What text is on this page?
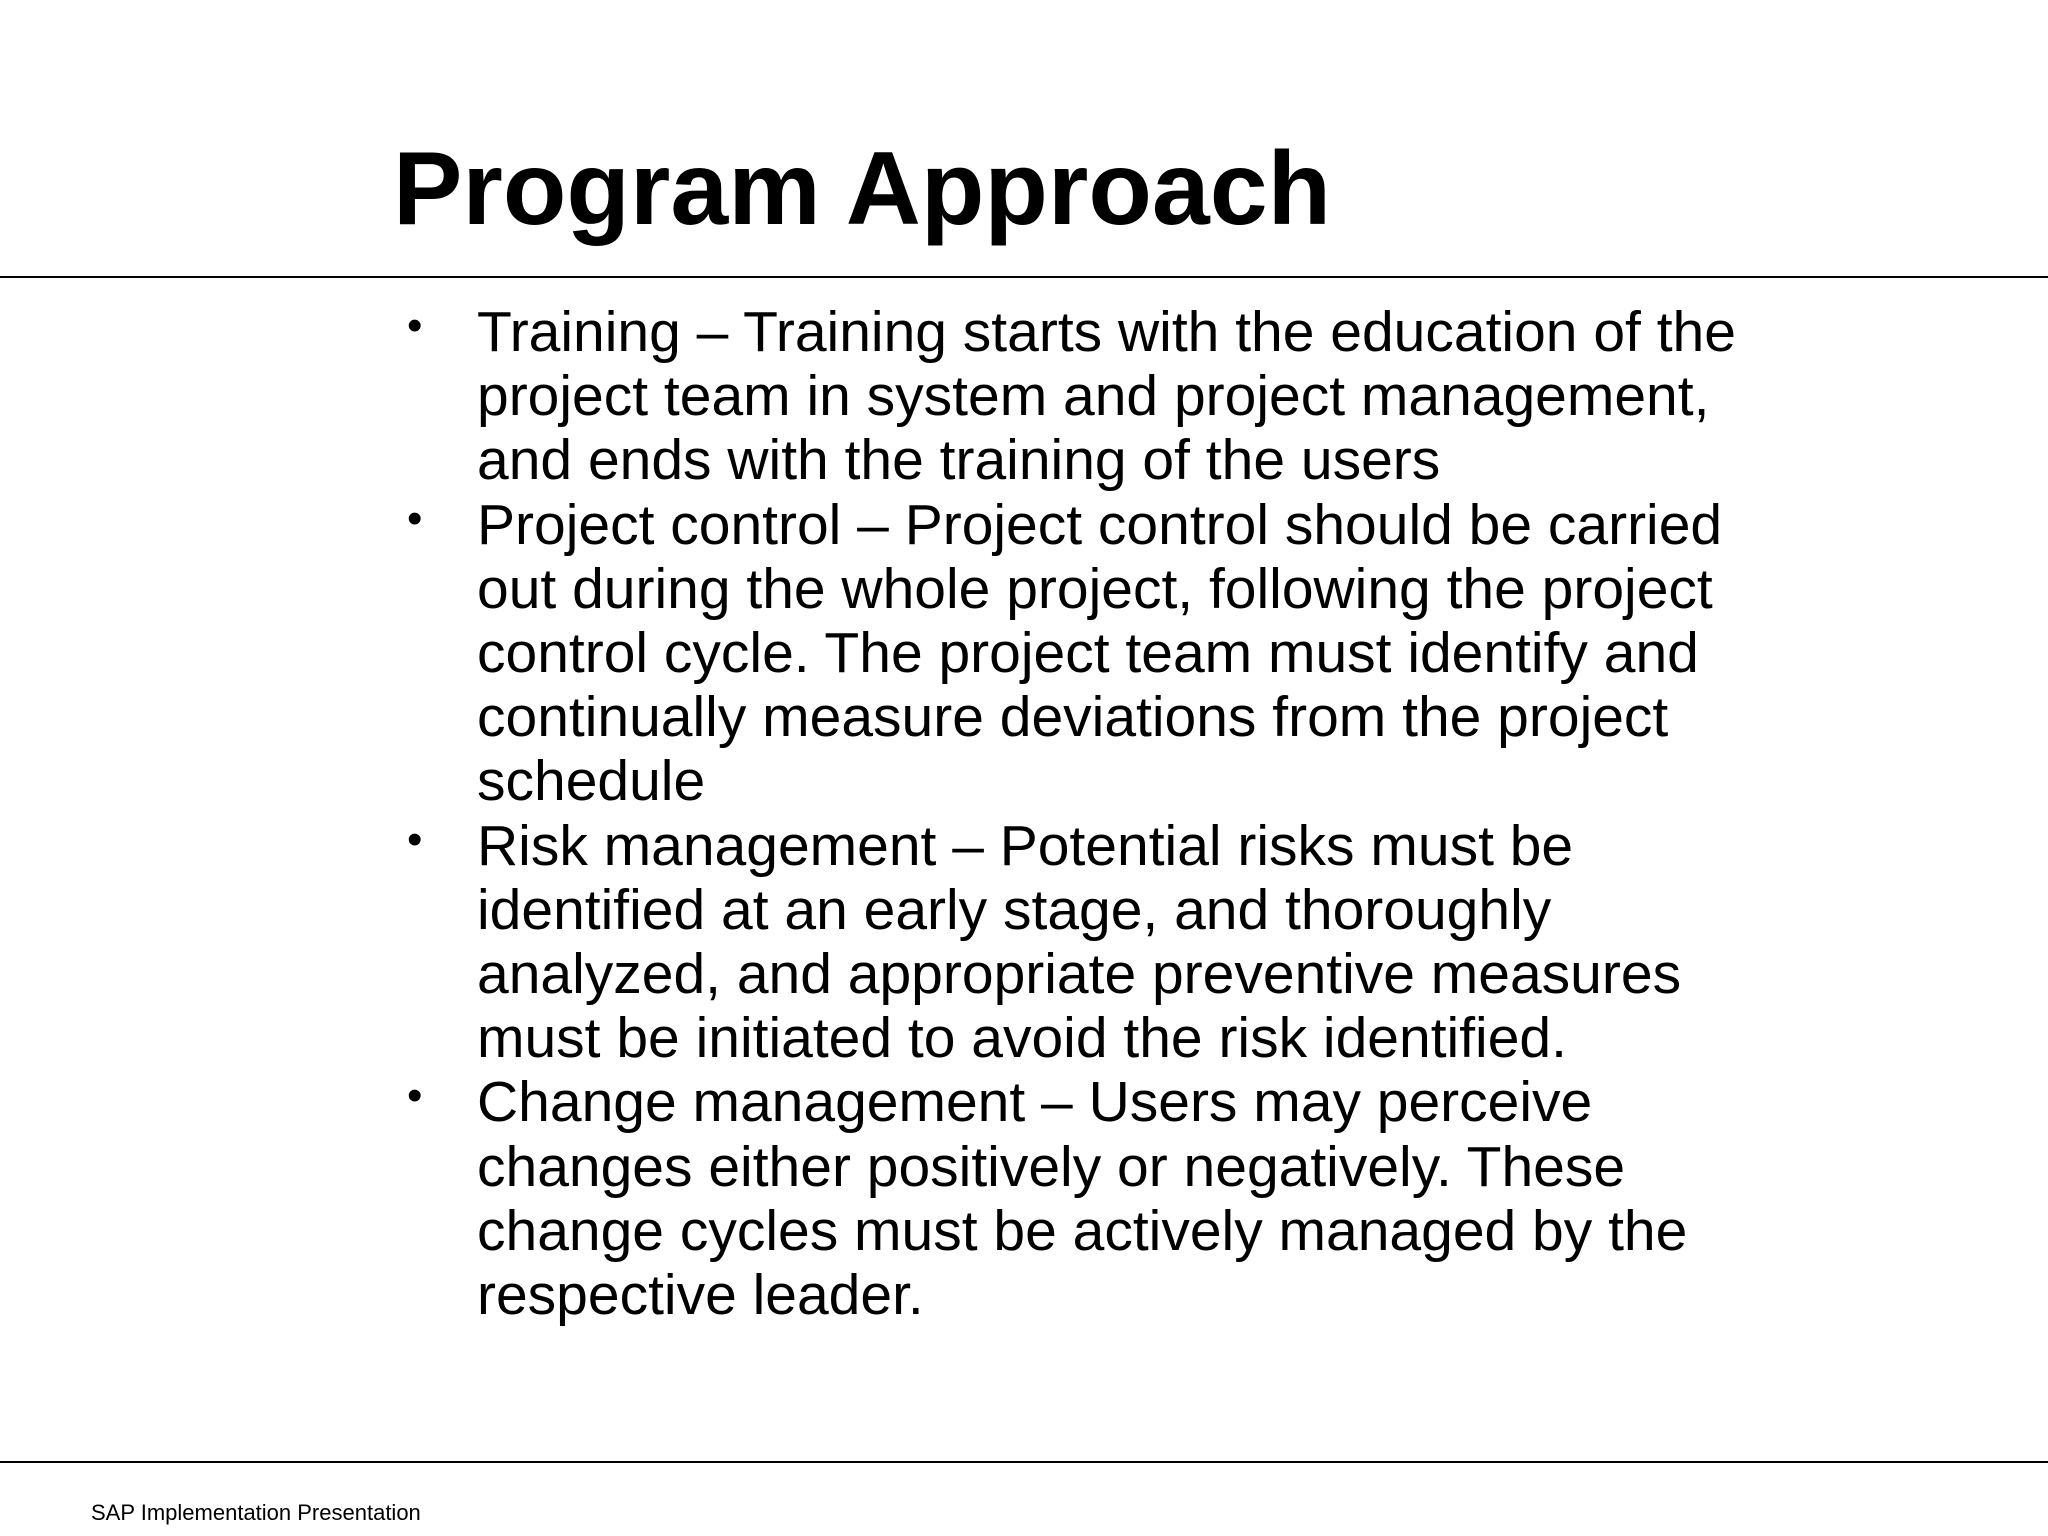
Program Approach
• Training – Training starts with the education of the project team in system and project management, and ends with the training of the users
• Project control – Project control should be carried out during the whole project, following the project control cycle. The project team must identify and continually measure deviations from the project schedule
• Risk management – Potential risks must be identified at an early stage, and thoroughly analyzed, and appropriate preventive measures must be initiated to avoid the risk identified.
• Change management – Users may perceive changes either positively or negatively. These change cycles must be actively managed by the respective leader.
SAP Implementation Presentation
